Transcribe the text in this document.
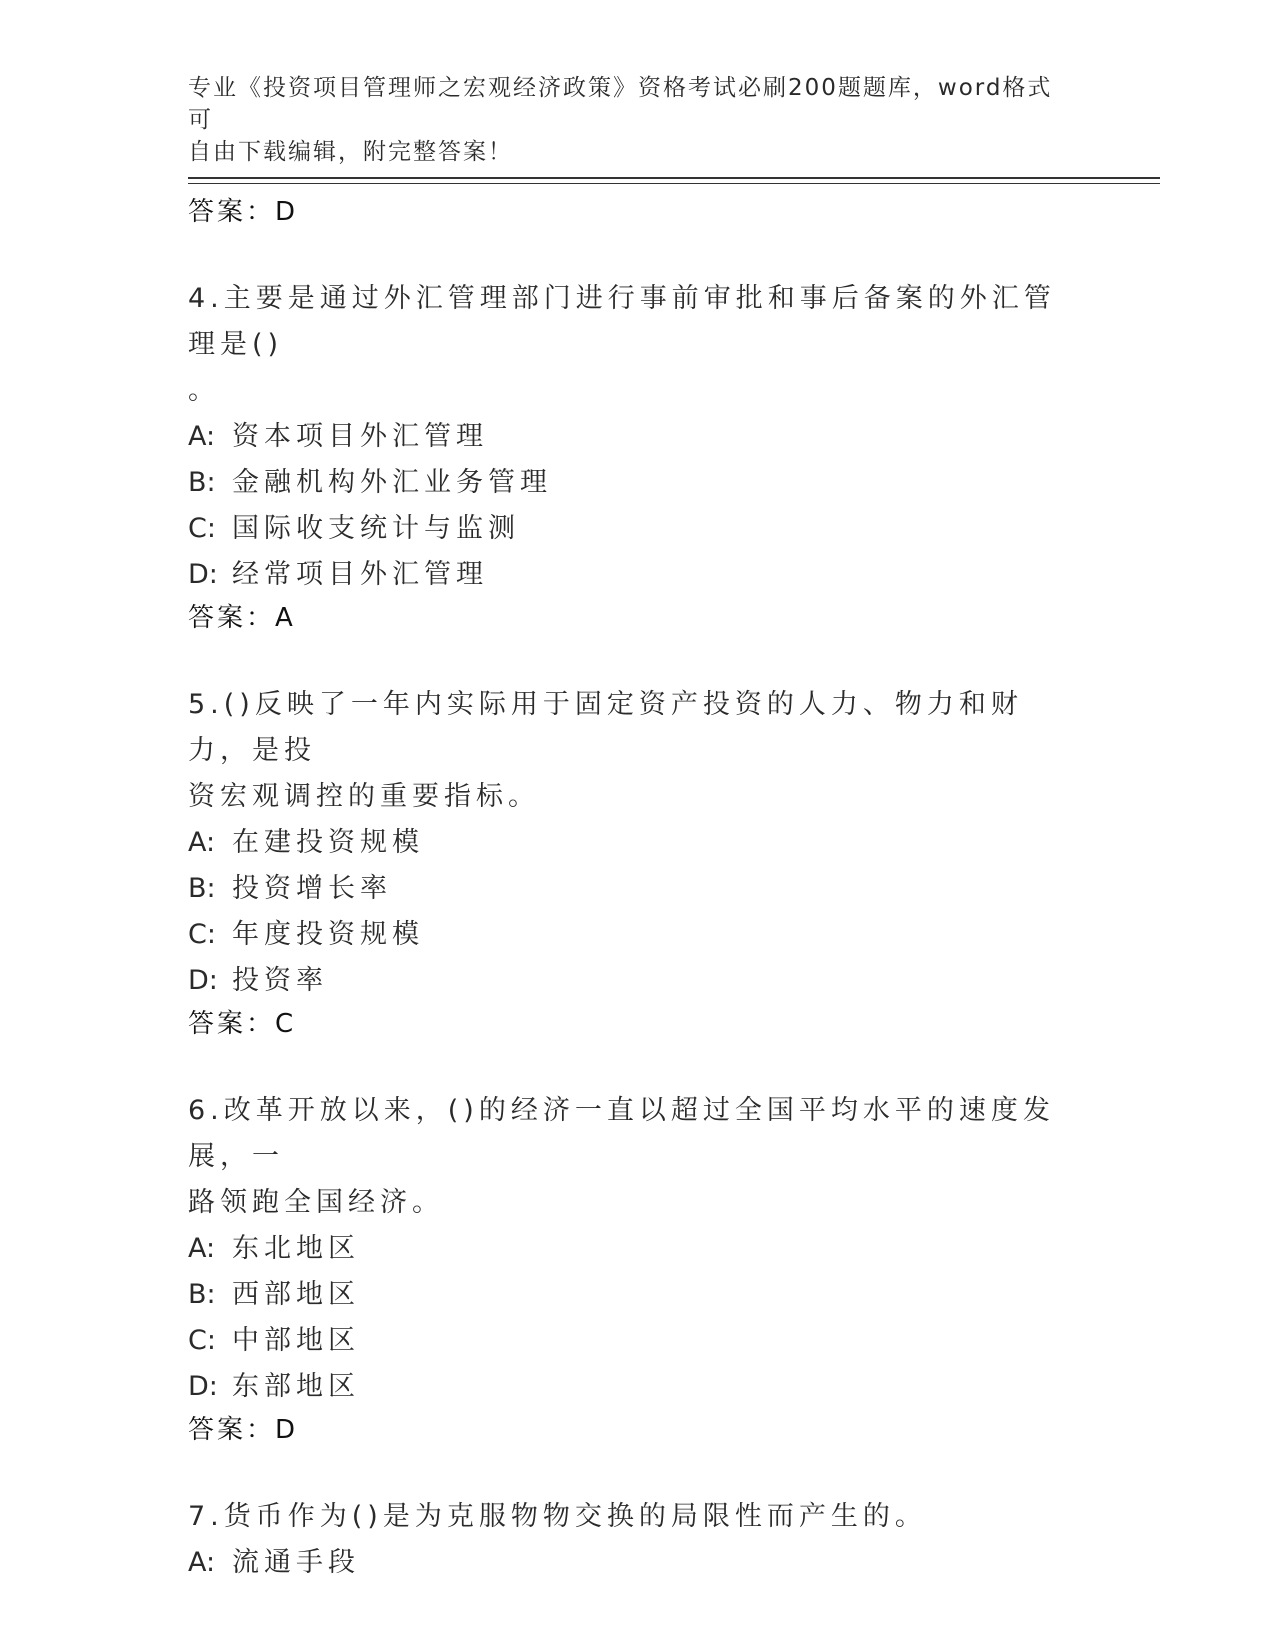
专业《投资项目管理师之宏观经济政策》资格考试必刷200题题库，word格式可
自由下载编辑，附完整答案！
答案：D
4.主要是通过外汇管理部门进行事前审批和事后备案的外汇管理是()
。
A: 资本项目外汇管理
B: 金融机构外汇业务管理
C: 国际收支统计与监测
D: 经常项目外汇管理
答案：A
5.()反映了一年内实际用于固定资产投资的人力、物力和财力，是投
资宏观调控的重要指标。
A: 在建投资规模
B: 投资增长率
C: 年度投资规模
D: 投资率
答案：C
6.改革开放以来，()的经济一直以超过全国平均水平的速度发展，一
路领跑全国经济。
A: 东北地区
B: 西部地区
C: 中部地区
D: 东部地区
答案：D
7.货币作为()是为克服物物交换的局限性而产生的。
A: 流通手段
